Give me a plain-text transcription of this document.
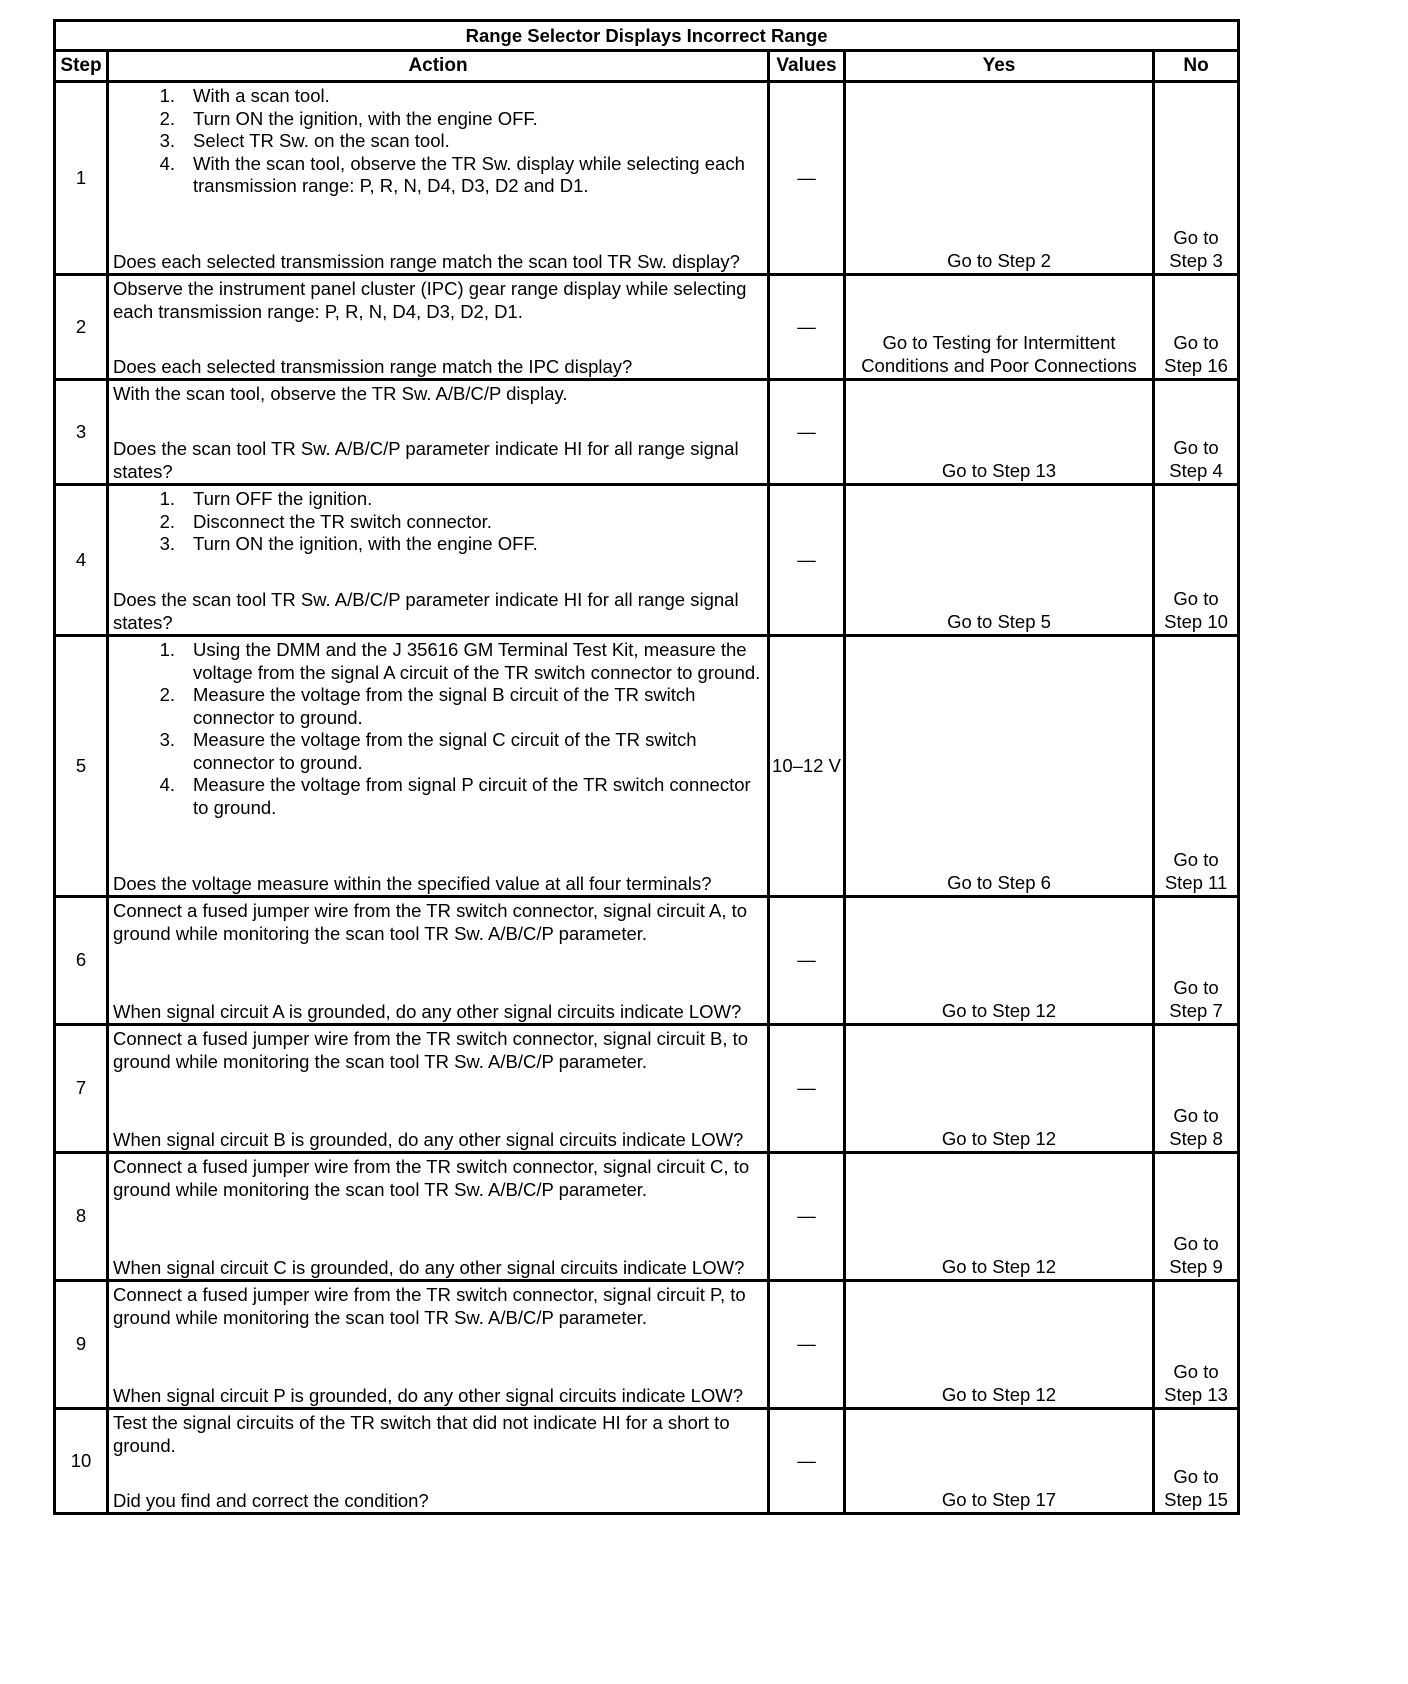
Range Selector Displays Incorrect Range				
Step	Action	Values	Yes	No
1	
1. With a scan tool.
2. Turn ON the ignition, with the engine OFF.
3. Select TR Sw. on the scan tool.
4. With the scan tool, observe the TR Sw. display while selecting each transmission range: P, R, N, D4, D3, D2 and D1.
Does each selected transmission range match the scan tool TR Sw. display?
	—	Go to Step 2	Go to Step 3
2	Observe the instrument panel cluster (IPC) gear range display while selecting each transmission range: P, R, N, D4, D3, D2, D1.
Does each selected transmission range match the IPC display?	—	Go to Testing for Intermittent Conditions and Poor Connections	Go to Step 16
3	With the scan tool, observe the TR Sw. A/B/C/P display.
Does the scan tool TR Sw. A/B/C/P parameter indicate HI for all range signal states?	—	Go to Step 13	Go to Step 4
4	
1. Turn OFF the ignition.
2. Disconnect the TR switch connector.
3. Turn ON the ignition, with the engine OFF.
Does the scan tool TR Sw. A/B/C/P parameter indicate HI for all range signal states?
	—	Go to Step 5	Go to Step 10
5	
1. Using the DMM and the J 35616 GM Terminal Test Kit, measure the voltage from the signal A circuit of the TR switch connector to ground.
2. Measure the voltage from the signal B circuit of the TR switch connector to ground.
3. Measure the voltage from the signal C circuit of the TR switch connector to ground.
4. Measure the voltage from signal P circuit of the TR switch connector to ground.
Does the voltage measure within the specified value at all four terminals?
	10–12 V	Go to Step 6	Go to Step 11
6	Connect a fused jumper wire from the TR switch connector, signal circuit A, to ground while monitoring the scan tool TR Sw. A/B/C/P parameter.
When signal circuit A is grounded, do any other signal circuits indicate LOW?	—	Go to Step 12	Go to Step 7
7	Connect a fused jumper wire from the TR switch connector, signal circuit B, to ground while monitoring the scan tool TR Sw. A/B/C/P parameter.
When signal circuit B is grounded, do any other signal circuits indicate LOW?	—	Go to Step 12	Go to Step 8
8	Connect a fused jumper wire from the TR switch connector, signal circuit C, to ground while monitoring the scan tool TR Sw. A/B/C/P parameter.
When signal circuit C is grounded, do any other signal circuits indicate LOW?	—	Go to Step 12	Go to Step 9
9	Connect a fused jumper wire from the TR switch connector, signal circuit P, to ground while monitoring the scan tool TR Sw. A/B/C/P parameter.
When signal circuit P is grounded, do any other signal circuits indicate LOW?	—	Go to Step 12	Go to Step 13
10	Test the signal circuits of the TR switch that did not indicate HI for a short to ground.
Did you find and correct the condition?	—	Go to Step 17	Go to Step 15
